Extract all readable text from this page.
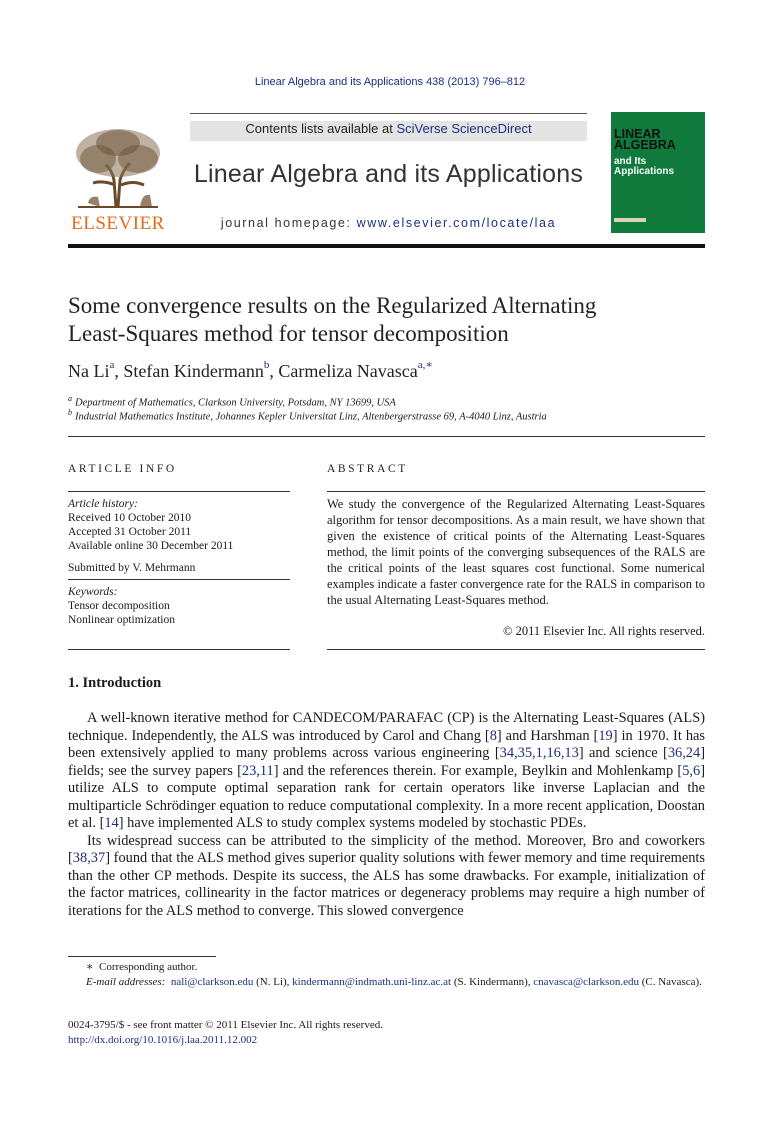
Linear Algebra and its Applications 438 (2013) 796–812
ELSEVIER
Contents lists available at SciVerse ScienceDirect
Linear Algebra and its Applications
journal homepage: www.elsevier.com/locate/laa
LINEAR
ALGEBRA
and Its
Applications
Some convergence results on the Regularized Alternating
Least-Squares method for tensor decomposition
Na Li$^a$, Stefan Kindermann$^b$, Carmeliza Navasca$^{a,∗}$
$^a$ Department of Mathematics, Clarkson University, Potsdam, NY 13699, USA
$^b$ Industrial Mathematics Institute, Johannes Kepler Universitat Linz, Altenbergerstrasse 69, A-4040 Linz, Austria
ARTICLE INFO
Article history:
Received 10 October 2010
Accepted 31 October 2011
Available online 30 December 2011
Submitted by V. Mehrmann
Keywords:
Tensor decomposition
Nonlinear optimization
ABSTRACT
We study the convergence of the Regularized Alternating Least-Squares algorithm for tensor decompositions. As a main result, we have shown that given the existence of critical points of the Alternating Least-Squares method, the limit points of the converging subsequences of the RALS are the critical points of the least squares cost functional. Some numerical examples indicate a faster convergence rate for the RALS in comparison to the usual Alternating Least-Squares method.
© 2011 Elsevier Inc. All rights reserved.
1. Introduction

A well-known iterative method for CANDECOM/PARAFAC (CP) is the Alternating Least-Squares (ALS) technique. Independently, the ALS was introduced by Carol and Chang [8] and Harshman [19] in 1970. It has been extensively applied to many problems across various engineering [34,35,1,16,13] and science [36,24] fields; see the survey papers [23,11] and the references therein. For example, Beylkin and Mohlenkamp [5,6] utilize ALS to compute optimal separation rank for certain operators like inverse Laplacian and the multiparticle Schrödinger equation to reduce computational complexity. In a more recent application, Doostan et al. [14] have implemented ALS to study complex systems modeled by stochastic PDEs.

Its widespread success can be attributed to the simplicity of the method. Moreover, Bro and coworkers [38,37] found that the ALS method gives superior quality solutions with fewer memory and time requirements than the other CP methods. Despite its success, the ALS has some drawbacks. For example, initialization of the factor matrices, collinearity in the factor matrices or degeneracy problems may require a high number of iterations for the ALS method to converge. This slowed convergence

∗ Corresponding author.
E-mail addresses: nali@clarkson.edu (N. Li), kindermann@indmath.uni-linz.ac.at (S. Kindermann), cnavasca@clarkson.edu (C. Navasca).
0024-3795/$ - see front matter © 2011 Elsevier Inc. All rights reserved.
http://dx.doi.org/10.1016/j.laa.2011.12.002
